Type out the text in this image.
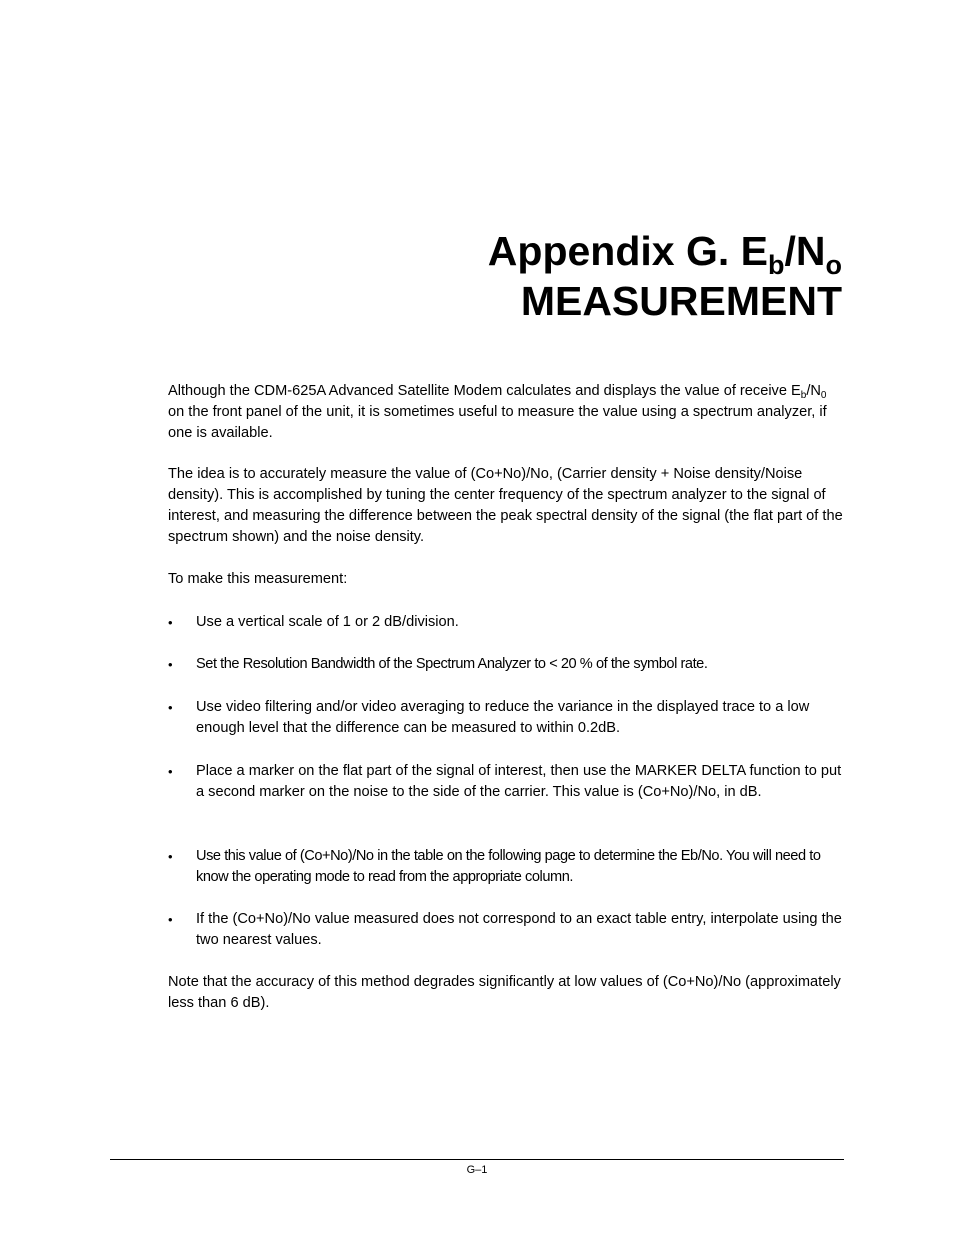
Appendix G. $E_b/N_o$
MEASUREMENT

Although the CDM-625A Advanced Satellite Modem calculates and displays the value of receive $E_b/N_0$ on the front panel of the unit, it is sometimes useful to measure the value using a spectrum analyzer, if one is available.

The idea is to accurately measure the value of (Co+No)/No, (Carrier density + Noise density/Noise density). This is accomplished by tuning the center frequency of the spectrum analyzer to the signal of interest, and measuring the difference between the peak spectral density of the signal (the flat part of the spectrum shown) and the noise density.

To make this measurement:

•	Use a vertical scale of 1 or 2 dB/division.
•	Set the Resolution Bandwidth of the Spectrum Analyzer to < 20 % of the symbol rate.
•	Use video filtering and/or video averaging to reduce the variance in the displayed trace to a low enough level that the difference can be measured to within 0.2dB.
•	Place a marker on the flat part of the signal of interest, then use the MARKER DELTA function to put a second marker on the noise to the side of the carrier. This value is (Co+No)/No, in dB.
•	Use this value of (Co+No)/No in the table on the following page to determine the Eb/No. You will need to know the operating mode to read from the appropriate column.
•	If the (Co+No)/No value measured does not correspond to an exact table entry, interpolate using the two nearest values.

Note that the accuracy of this method degrades significantly at low values of (Co+No)/No (approximately less than 6 dB).

G–1
